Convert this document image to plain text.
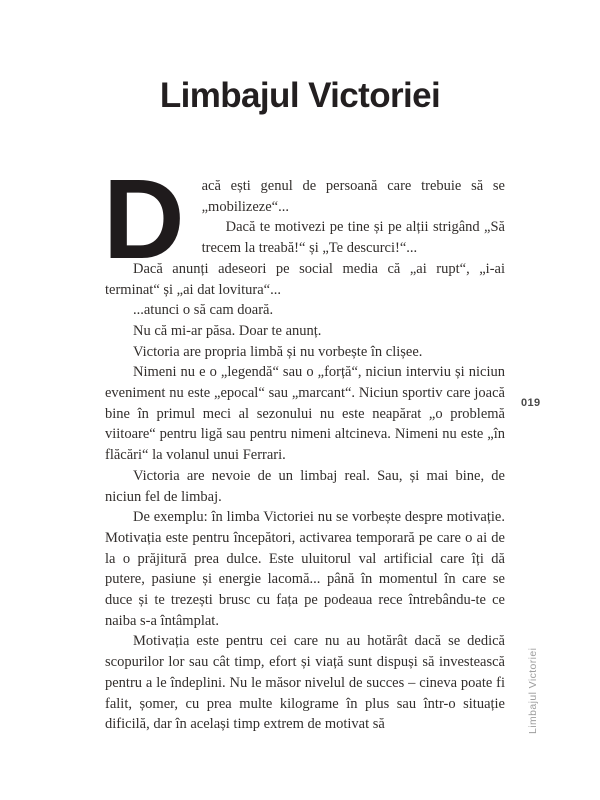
Limbajul Victoriei

D acă ești genul de persoană care trebuie să se „mobilizeze“...

Dacă te motivezi pe tine și pe alții strigând „Să trecem la treabă!“ și „Te descurci!“...

Dacă anunți adeseori pe social media că „ai rupt“, „i-ai terminat“ și „ai dat lovitura“...

...atunci o să cam doară.

Nu că mi-ar păsa. Doar te anunț.

Victoria are propria limbă și nu vorbește în clișee.

Nimeni nu e o „legendă“ sau o „forță“, niciun interviu și niciun eveniment nu este „epocal“ sau „marcant“. Niciun sportiv care joacă bine în primul meci al sezonului nu este neapărat „o problemă viitoare“ pentru ligă sau pentru nimeni altcineva. Nimeni nu este „în flăcări“ la volanul unui Ferrari.

Victoria are nevoie de un limbaj real. Sau, și mai bine, de niciun fel de limbaj.

De exemplu: în limba Victoriei nu se vorbește despre motivație. Motivația este pentru începători, activarea temporară pe care o ai de la o prăjitură prea dulce. Este uluitorul val artificial care îți dă putere, pasiune și energie lacomă... până în momentul în care se duce și te trezești brusc cu fața pe podeaua rece întrebându-te ce naiba s-a întâmplat.

Motivația este pentru cei care nu au hotărât dacă se dedică scopurilor lor sau cât timp, efort și viață sunt dispuși să investească pentru a le îndeplini. Nu le măsor nivelul de succes – cineva poate fi falit, șomer, cu prea multe kilograme în plus sau într-o situație dificilă, dar în același timp extrem de motivat să

019
Limbajul Victoriei
